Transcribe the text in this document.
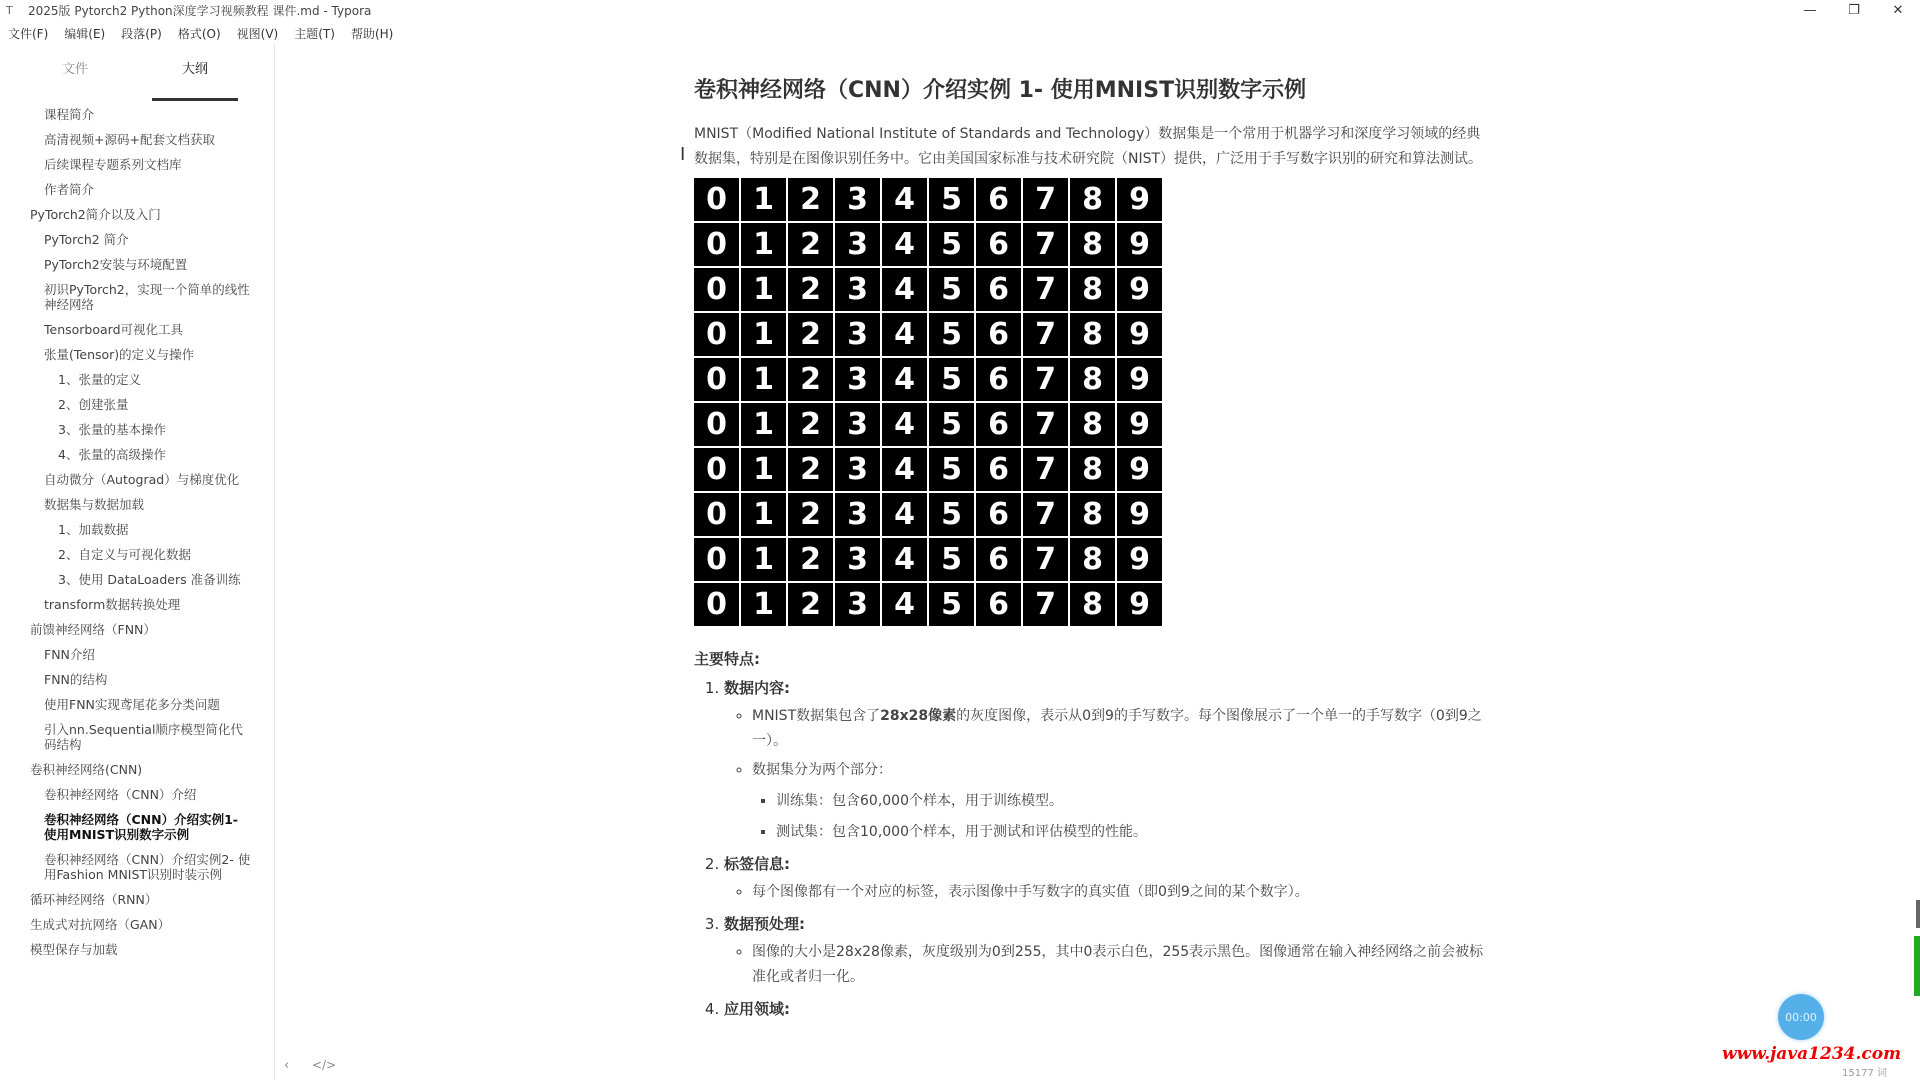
T	2025版 Pytorch2 Python深度学习视频教程 课件.md - Typora	—	❐	✕
文件(F)	编辑(E)	段落(P)	格式(O)	视图(V)	主题(T)	帮助(H)
文件	大纲
课程简介
高清视频+源码+配套文档获取
后续课程专题系列文档库
作者简介
PyTorch2简介以及入门
PyTorch2 简介
PyTorch2安装与环境配置
初识PyTorch2，实现一个简单的线性神经网络
Tensorboard可视化工具
张量(Tensor)的定义与操作
1、张量的定义
2、创建张量
3、张量的基本操作
4、张量的高级操作
自动微分（Autograd）与梯度优化
数据集与数据加载
1、加载数据
2、自定义与可视化数据
3、使用 DataLoaders 准备训练
transform数据转换处理
前馈神经网络（FNN）
FNN介绍
FNN的结构
使用FNN实现鸢尾花多分类问题
引入nn.Sequential顺序模型简化代码结构
卷积神经网络(CNN)
卷积神经网络（CNN）介绍
卷积神经网络（CNN）介绍实例1- 使用MNIST识别数字示例
卷积神经网络（CNN）介绍实例2- 使用Fashion MNIST识别时装示例
循环神经网络（RNN）
生成式对抗网络（GAN）
模型保存与加载
‹ </>
I
卷积神经网络（CNN）介绍实例 1- 使用MNIST识别数字示例

MNIST（Modified National Institute of Standards and Technology）数据集是一个常用于机器学习和深度学习领域的经典数据集，特别是在图像识别任务中。它由美国国家标准与技术研究院（NIST）提供，广泛用于手写数字识别的研究和算法测试。

0 1 2 3 4 5 6 7 8 9
0 1 2 3 4 5 6 7 8 9
0 1 2 3 4 5 6 7 8 9
0 1 2 3 4 5 6 7 8 9
0 1 2 3 4 5 6 7 8 9
0 1 2 3 4 5 6 7 8 9
0 1 2 3 4 5 6 7 8 9
0 1 2 3 4 5 6 7 8 9
0 1 2 3 4 5 6 7 8 9
0 1 2 3 4 5 6 7 8 9
主要特点:
1. 数据内容:
◦ MNIST数据集包含了28x28像素的灰度图像，表示从0到9的手写数字。每个图像展示了一个单一的手写数字（0到9之一）。
◦ 数据集分为两个部分：
▪ 训练集：包含60,000个样本，用于训练模型。
▪ 测试集：包含10,000个样本，用于测试和评估模型的性能。
2. 标签信息:
◦ 每个图像都有一个对应的标签，表示图像中手写数字的真实值（即0到9之间的某个数字）。
3. 数据预处理:
◦ 图像的大小是28x28像素，灰度级别为0到255，其中0表示白色，255表示黑色。图像通常在输入神经网络之前会被标准化或者归一化。
4. 应用领域:	00:00
www.java1234.com
15177 词
